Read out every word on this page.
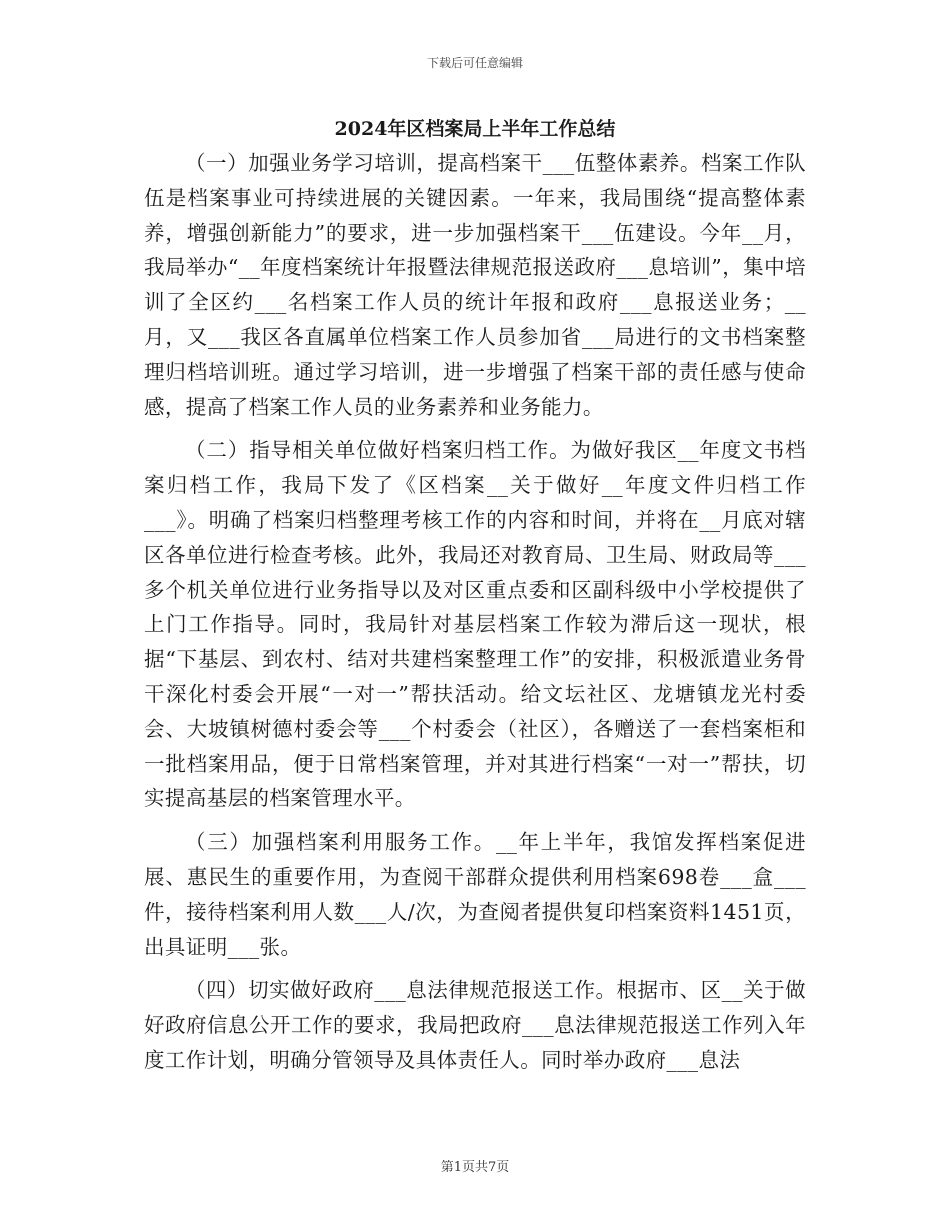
下载后可任意编辑
2024年区档案局上半年工作总结

（一）加强业务学习培训，提高档案干___伍整体素养。档案工作队伍是档案事业可持续进展的关键因素。一年来，我局围绕“提高整体素养，增强创新能力”的要求，进一步加强档案干___伍建设。今年__月，我局举办“__年度档案统计年报暨法律规范报送政府___息培训”，集中培训了全区约___名档案工作人员的统计年报和政府___息报送业务；__月，又___我区各直属单位档案工作人员参加省___局进行的文书档案整理归档培训班。通过学习培训，进一步增强了档案干部的责任感与使命感，提高了档案工作人员的业务素养和业务能力。

（二）指导相关单位做好档案归档工作。为做好我区__年度文书档案归档工作，我局下发了《区档案__关于做好__年度文件归档工作___》。明确了档案归档整理考核工作的内容和时间，并将在__月底对辖区各单位进行检查考核。此外，我局还对教育局、卫生局、财政局等___多个机关单位进行业务指导以及对区重点委和区副科级中小学校提供了上门工作指导。同时，我局针对基层档案工作较为滞后这一现状，根据“下基层、到农村、结对共建档案整理工作”的安排，积极派遣业务骨干深化村委会开展“一对一”帮扶活动。给文坛社区、龙塘镇龙光村委会、大坡镇树德村委会等___个村委会（社区），各赠送了一套档案柜和一批档案用品，便于日常档案管理，并对其进行档案“一对一”帮扶，切实提高基层的档案管理水平。

（三）加强档案利用服务工作。__年上半年，我馆发挥档案促进展、惠民生的重要作用，为查阅干部群众提供利用档案698卷___盒___件，接待档案利用人数___人/次，为查阅者提供复印档案资料1451页，出具证明___张。

（四）切实做好政府___息法律规范报送工作。根据市、区__关于做好政府信息公开工作的要求，我局把政府___息法律规范报送工作列入年度工作计划，明确分管领导及具体责任人。同时举办政府___息法

第1页共7页
